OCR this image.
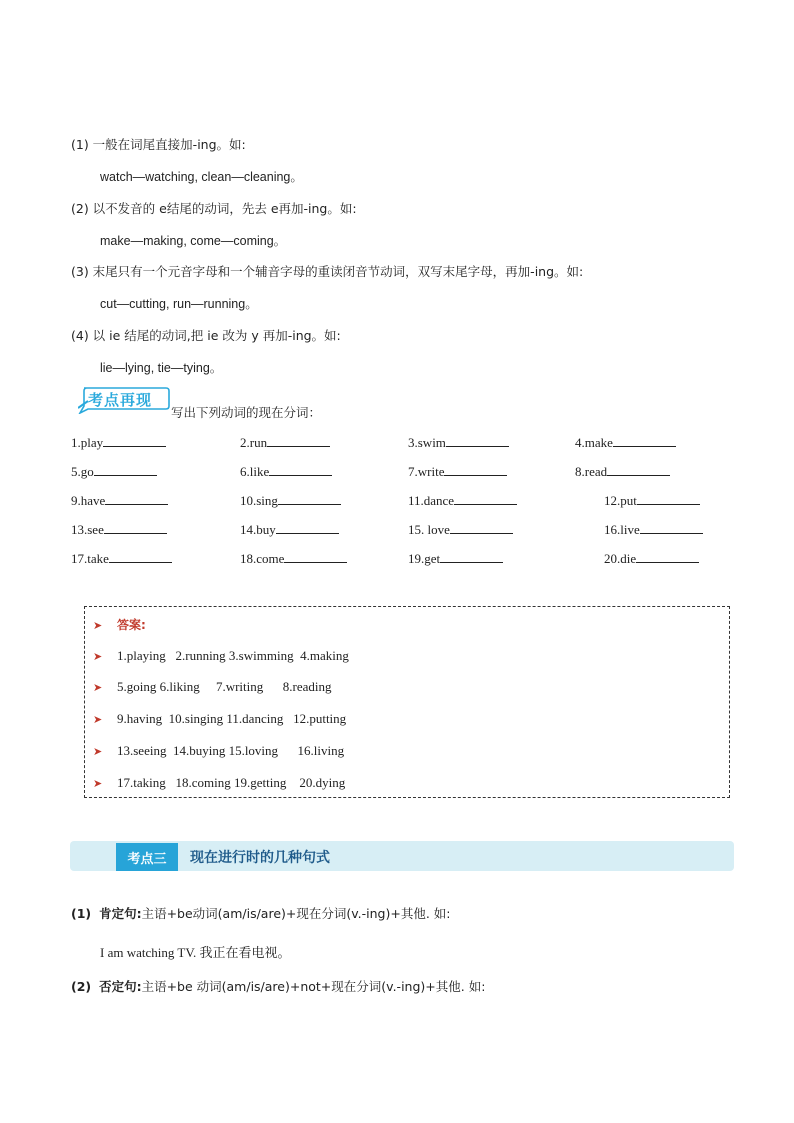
(1) 一般在词尾直接加-ing。如:
watch—watching, clean—cleaning。
(2) 以不发音的 e结尾的动词，先去 e再加-ing。如:
make—making, come—coming。
(3) 末尾只有一个元音字母和一个辅音字母的重读闭音节动词，双写末尾字母，再加-ing。如:
cut—cutting, run—running。
(4) 以 ie 结尾的动词,把 ie 改为 y 再加-ing。如:
lie—lying, tie—tying。
考点再现
写出下列动词的现在分词：
1.play	2.run	3.swim	4.make
5.go	6.like	7.write	8.read
9.have	10.sing	11.dance	12.put
13.see	14.buy	15. love	16.live
17.take	18.come	19.get	20.die
➤ 答案:
➤ 1.playing   2.running 3.swimming  4.making
➤ 5.going 6.liking     7.writing      8.reading
➤ 9.having  10.singing 11.dancing   12.putting
➤ 13.seeing  14.buying 15.loving      16.living
➤ 17.taking   18.coming 19.getting    20.dying
考点三	现在进行时的几种句式
(1) 肯定句:主语+be动词(am/is/are)+现在分词(v.-ing)+其他. 如:
I am watching TV. 我正在看电视。
(2) 否定句:主语+be 动词(am/is/are)+not+现在分词(v.-ing)+其他. 如:
